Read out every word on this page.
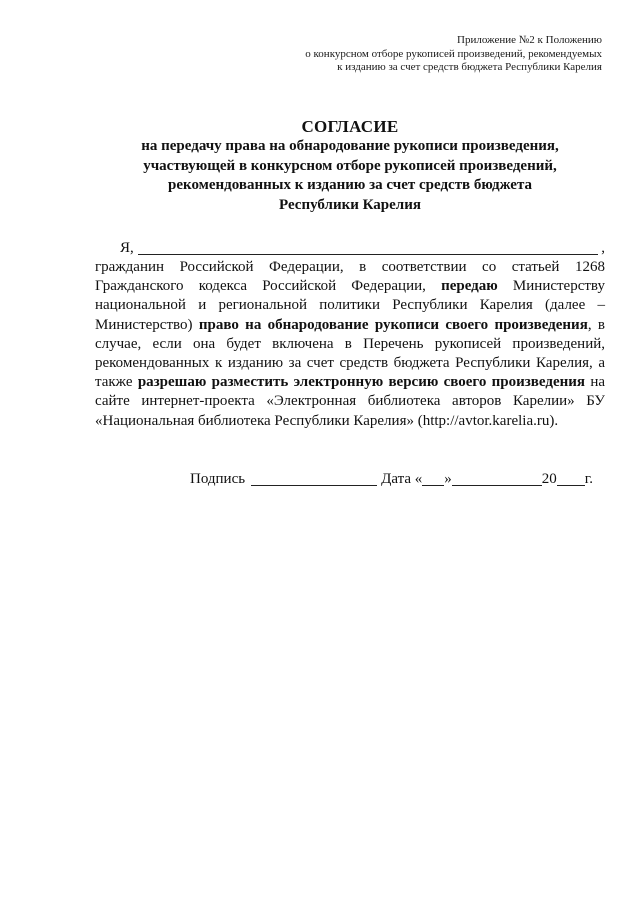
Приложение №2 к Положению
о конкурсном отборе рукописей произведений, рекомендуемых
к изданию за счет средств бюджета Республики Карелия
СОГЛАСИЕ
на передачу права на обнародование рукописи произведения,
участвующей в конкурсном отборе рукописей произведений,
рекомендованных к изданию за счет средств бюджета
Республики Карелия
Я,	,

гражданин Российской Федерации, в соответствии со статьей 1268 Гражданского кодекса Российской Федерации, передаю Министерству национальной и региональной политики Республики Карелия (далее – Министерство) право на обнародование рукописи своего произведения, в случае, если она будет включена в Перечень рукописей произведений, рекомендованных к изданию за счет средств бюджета Республики Карелия, а также разрешаю разместить электронную версию своего произведения на сайте интернет-проекта «Электронная библиотека авторов Карелии» БУ «Национальная библиотека Республики Карелия» (http://avtor.karelia.ru).

Подпись	Дата « »	20 г.
